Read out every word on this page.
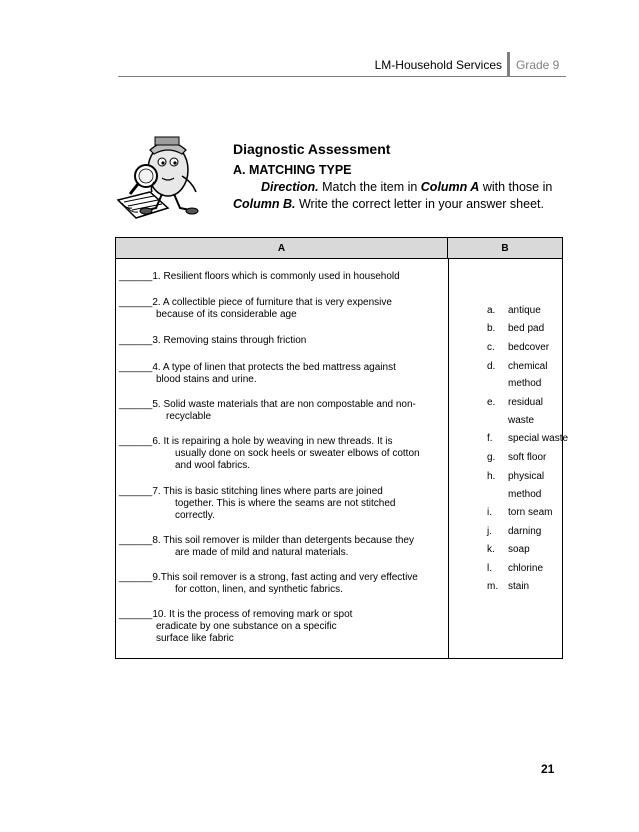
LM-Household Services Grade 9
Diagnostic Assessment
A. MATCHING TYPE
Direction. Match the item in Column A with those in Column B. Write the correct letter in your answer sheet.
A	B
______1. Resilient floors which is commonly used in household
______2. A collectible piece of furniture that is very expensive
because of its considerable age
______3. Removing stains through friction
______4. A type of linen that protects the bed mattress against
blood stains and urine.
______5. Solid waste materials that are non compostable and non-
recyclable
______6. It is repairing a hole by weaving in new threads. It is
usually done on sock heels or sweater elbows of cotton
and wool fabrics.
______7. This is basic stitching lines where parts are joined
together. This is where the seams are not stitched
correctly.
______8. This soil remover is milder than detergents because they
are made of mild and natural materials.
______9.This soil remover is a strong, fast acting and very effective
for cotton, linen, and synthetic fabrics.
______10. It is the process of removing mark or spot
eradicate by one substance on a specific
surface like fabric
a. antique
b. bed pad
c. bedcover
d. chemical
method
e. residual
waste
f. special waste
g. soft floor
h. physical
method
i. torn seam
j. darning
k. soap
l. chlorine
m. stain
21
